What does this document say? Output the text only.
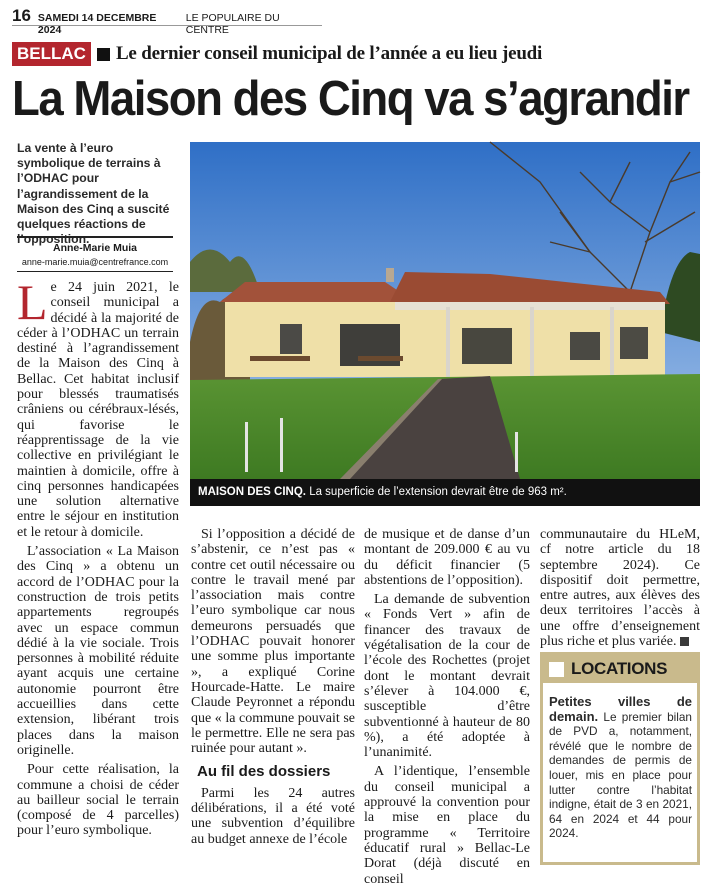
16 SAMEDI 14 DECEMBRE 2024
LE POPULAIRE DU CENTRE
BELLAC Le dernier conseil municipal de l’année a eu lieu jeudi
La Maison des Cinq va s’agrandir
La vente à l’euro symbolique de terrains à l’ODHAC pour l’agrandissement de la Maison des Cinq a suscité quelques réactions de l’opposition.
Anne-Marie Muia
anne-marie.muia@centrefrance.com

Le 24 juin 2021, le conseil municipal a décidé à la majorité de céder à l’ODHAC un terrain destiné à l’agrandissement de la Maison des Cinq à Bellac. Cet habitat inclusif pour blessés traumatisés crâniens ou cérébraux-lésés, qui favorise le réapprentissage de la vie collective en privilégiant le maintien à domicile, offre à cinq personnes handicapées une solution alternative entre le séjour en institution et le retour à domicile.

L’association « La Maison des Cinq » a obtenu un accord de l’ODHAC pour la construction de trois petits appartements regroupés avec un espace commun dédié à la vie sociale. Trois personnes à mobilité réduite ayant acquis une certaine autonomie pourront être accueillies dans cette extension, libérant trois places dans la maison originelle.

Pour cette réalisation, la commune a choisi de céder au bailleur social le terrain (composé de 4 parcelles) pour l’euro symbolique.

MAISON DES CINQ. La superficie de l’extension devrait être de 963 m².

Si l’opposition a décidé de s’abstenir, ce n’est pas « contre cet outil nécessaire ou contre le travail mené par l’association mais contre l’euro symbolique car nous demeurons persuadés que l’ODHAC pouvait honorer une somme plus importante », a expliqué Corine Hourcade-Hatte. Le maire Claude Peyronnet a répondu que « la commune pouvait se le permettre. Elle ne sera pas ruinée pour autant ».

Au fil des dossiers

Parmi les 24 autres délibérations, il a été voté une subvention d’équilibre au budget annexe de l’école

de musique et de danse d’un montant de 209.000 € au vu du déficit financier (5 abstentions de l’opposition).

La demande de subvention « Fonds Vert » afin de financer des travaux de végétalisation de la cour de l’école des Rochettes (projet dont le montant devrait s’élever à 104.000 €, susceptible d’être subventionné à hauteur de 80 %), a été adoptée à l’unanimité.

A l’identique, l’ensemble du conseil municipal a approuvé la convention pour la mise en place du programme « Territoire éducatif rural » Bellac-Le Dorat (déjà discuté en conseil

communautaire du HLeM, cf notre article du 18 septembre 2024). Ce dispositif doit permettre, entre autres, aux élèves des deux territoires l’accès à une offre d’enseignement plus riche et plus variée.

LOCATIONS
Petites villes de demain. Le premier bilan de PVD a, notamment, révélé que le nombre de demandes de permis de louer, mis en place pour lutter contre l’habitat indigne, était de 3 en 2021, 64 en 2024 et 44 pour 2024.
